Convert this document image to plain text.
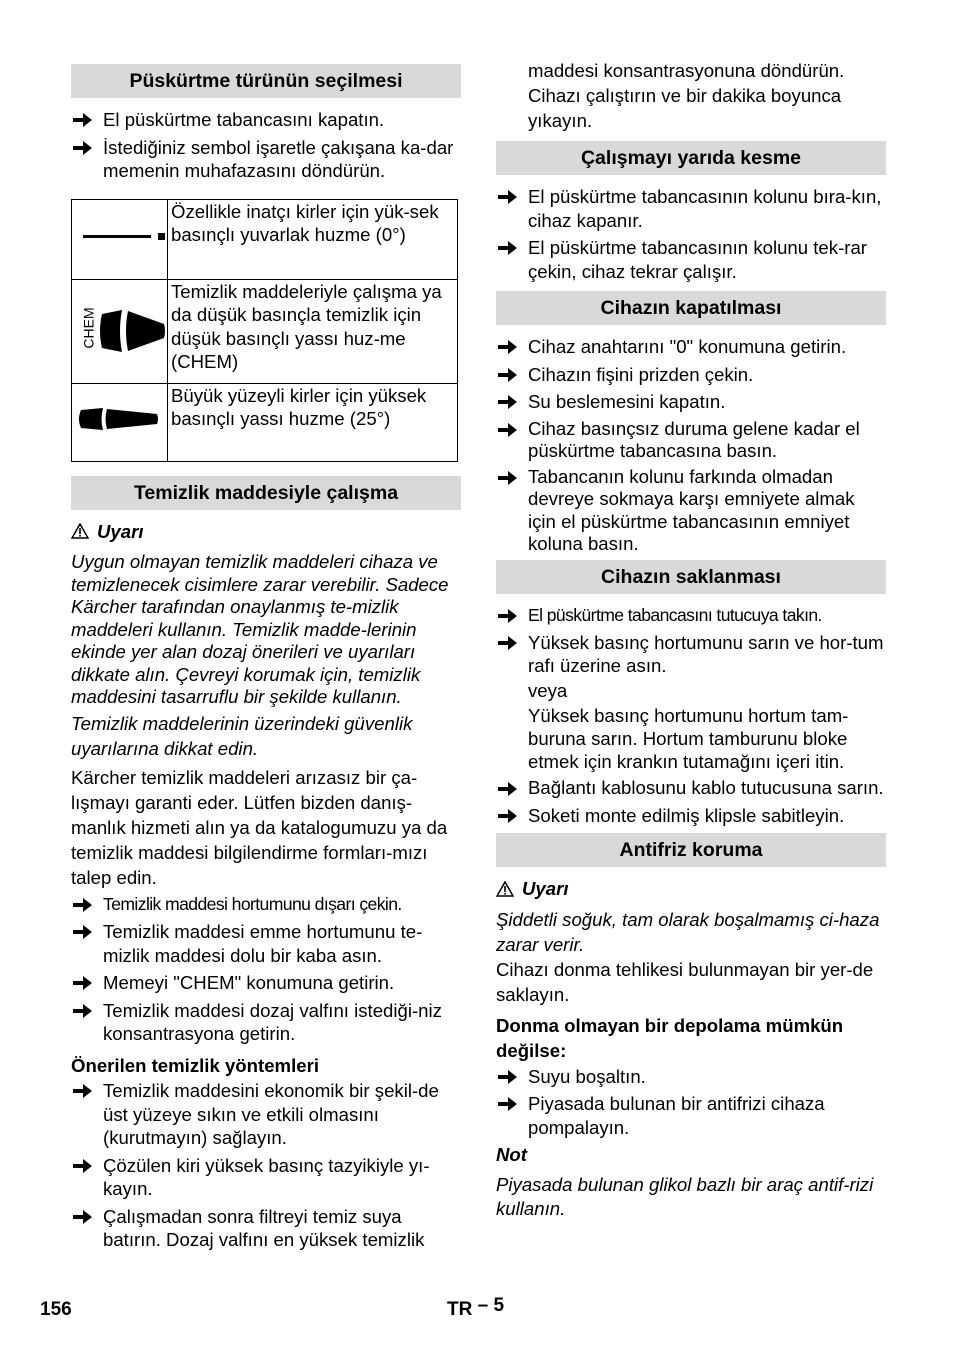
Püskürtme türünün seçilmesi
El püskürtme tabancasını kapatın.
İstediğiniz sembol işaretle çakışana ka-dar memenin muhafazasını döndürün.
	Özellikle inatçı kirler için yük-sek basınçlı yuvarlak huzme (0°)

CHEM	Temizlik maddeleriyle çalışma ya da düşük basınçla temizlik için düşük basınçlı yassı huz-me (CHEM)
	Büyük yüzeyli kirler için yüksek basınçlı yassı huzme (25°)
Temizlik maddesiyle çalışma
Uyarı

Uygun olmayan temizlik maddeleri cihaza ve temizlenecek cisimlere zarar verebilir. Sadece Kärcher tarafından onaylanmış te-mizlik maddeleri kullanın. Temizlik madde-lerinin ekinde yer alan dozaj önerileri ve uyarıları dikkate alın. Çevreyi korumak için, temizlik maddesini tasarruflu bir şekilde kullanın.

Temizlik maddelerinin üzerindeki güvenlik uyarılarına dikkat edin.

Kärcher temizlik maddeleri arızasız bir ça-lışmayı garanti eder. Lütfen bizden danış-manlık hizmeti alın ya da katalogumuzu ya da temizlik maddesi bilgilendirme formları-mızı talep edin.

Temizlik maddesi hortumunu dışarı çekin.
Temizlik maddesi emme hortumunu te-mizlik maddesi dolu bir kaba asın.
Memeyi "CHEM" konumuna getirin.
Temizlik maddesi dozaj valfını istediği-niz konsantrasyona getirin.

Önerilen temizlik yöntemleri

Temizlik maddesini ekonomik bir şekil-de üst yüzeye sıkın ve etkili olmasını (kurutmayın) sağlayın.
Çözülen kiri yüksek basınç tazyikiyle yı-kayın.
Çalışmadan sonra filtreyi temiz suya batırın. Dozaj valfını en yüksek temizlik

maddesi konsantrasyonuna döndürün. Cihazı çalıştırın ve bir dakika boyunca yıkayın.

Çalışmayı yarıda kesme
El püskürtme tabancasının kolunu bıra-kın, cihaz kapanır.
El püskürtme tabancasının kolunu tek-rar çekin, cihaz tekrar çalışır.
Cihazın kapatılması
Cihaz anahtarını "0" konumuna getirin.
Cihazın fişini prizden çekin.
Su beslemesini kapatın.
Cihaz basınçsız duruma gelene kadar el püskürtme tabancasına basın.
Tabancanın kolunu farkında olmadan devreye sokmaya karşı emniyete almak için el püskürtme tabancasının emniyet koluna basın.
Cihazın saklanması
El püskürtme tabancasını tutucuya takın.
Yüksek basınç hortumunu sarın ve hor-tum rafı üzerine asın.
veya
Yüksek basınç hortumunu hortum tam-buruna sarın. Hortum tamburunu bloke etmek için krankın tutamağını içeri itin.
Bağlantı kablosunu kablo tutucusuna sarın.
Soketi monte edilmiş klipsle sabitleyin.
Antifriz koruma
Uyarı

Şiddetli soğuk, tam olarak boşalmamış ci-haza zarar verir.

Cihazı donma tehlikesi bulunmayan bir yer-de saklayın.

Donma olmayan bir depolama mümkün değilse:

Suyu boşaltın.
Piyasada bulunan bir antifrizi cihaza pompalayın.

Not

Piyasada bulunan glikol bazlı bir araç antif-rizi kullanın.

156	TR – 5
